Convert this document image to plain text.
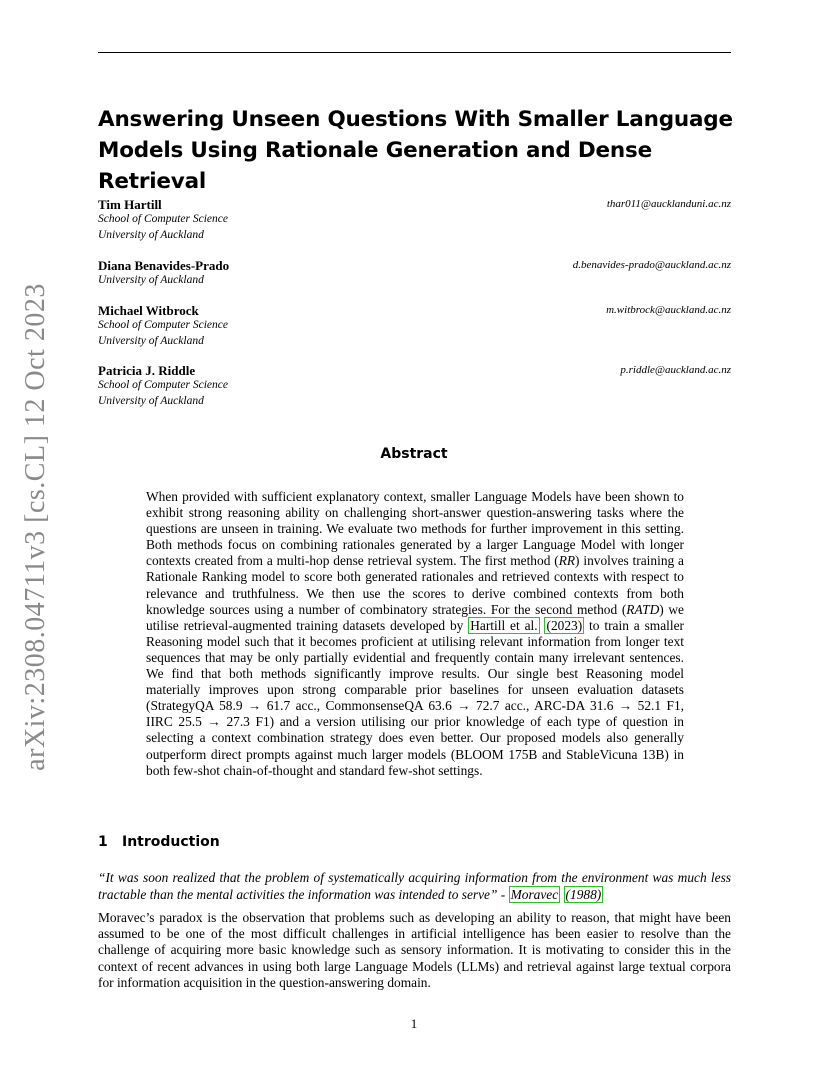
arXiv:2308.04711v3 [cs.CL] 12 Oct 2023
Answering Unseen Questions With Smaller Language Models Using Rationale Generation and Dense Retrieval
Tim Hartill
School of Computer Science
University of Auckland
thar011@aucklanduni.ac.nz
Diana Benavides-Prado
University of Auckland
d.benavides-prado@auckland.ac.nz
Michael Witbrock
School of Computer Science
University of Auckland
m.witbrock@auckland.ac.nz
Patricia J. Riddle
School of Computer Science
University of Auckland
p.riddle@auckland.ac.nz
Abstract

When provided with sufficient explanatory context, smaller Language Models have been shown to exhibit strong reasoning ability on challenging short-answer question-answering tasks where the questions are unseen in training. We evaluate two methods for further improvement in this setting. Both methods focus on combining rationales generated by a larger Language Model with longer contexts created from a multi-hop dense retrieval system. The first method (RR) involves training a Rationale Ranking model to score both generated rationales and retrieved contexts with respect to relevance and truthfulness. We then use the scores to derive combined contexts from both knowledge sources using a number of combinatory strategies. For the second method (RATD) we utilise retrieval-augmented training datasets developed by Hartill et al. (2023) to train a smaller Reasoning model such that it becomes proficient at utilising relevant information from longer text sequences that may be only partially evidential and frequently contain many irrelevant sentences. We find that both methods significantly improve results. Our single best Reasoning model materially improves upon strong comparable prior baselines for unseen evaluation datasets (StrategyQA 58.9 → 61.7 acc., CommonsenseQA 63.6 → 72.7 acc., ARC-DA 31.6 → 52.1 F1, IIRC 25.5 → 27.3 F1) and a version utilising our prior knowledge of each type of question in selecting a context combination strategy does even better. Our proposed models also generally outperform direct prompts against much larger models (BLOOM 175B and StableVicuna 13B) in both few-shot chain-of-thought and standard few-shot settings.

1 Introduction

“It was soon realized that the problem of systematically acquiring information from the environment was much less tractable than the mental activities the information was intended to serve” - Moravec (1988)

Moravec’s paradox is the observation that problems such as developing an ability to reason, that might have been assumed to be one of the most difficult challenges in artificial intelligence has been easier to resolve than the challenge of acquiring more basic knowledge such as sensory information. It is motivating to consider this in the context of recent advances in using both large Language Models (LLMs) and retrieval against large textual corpora for information acquisition in the question-answering domain.

1
